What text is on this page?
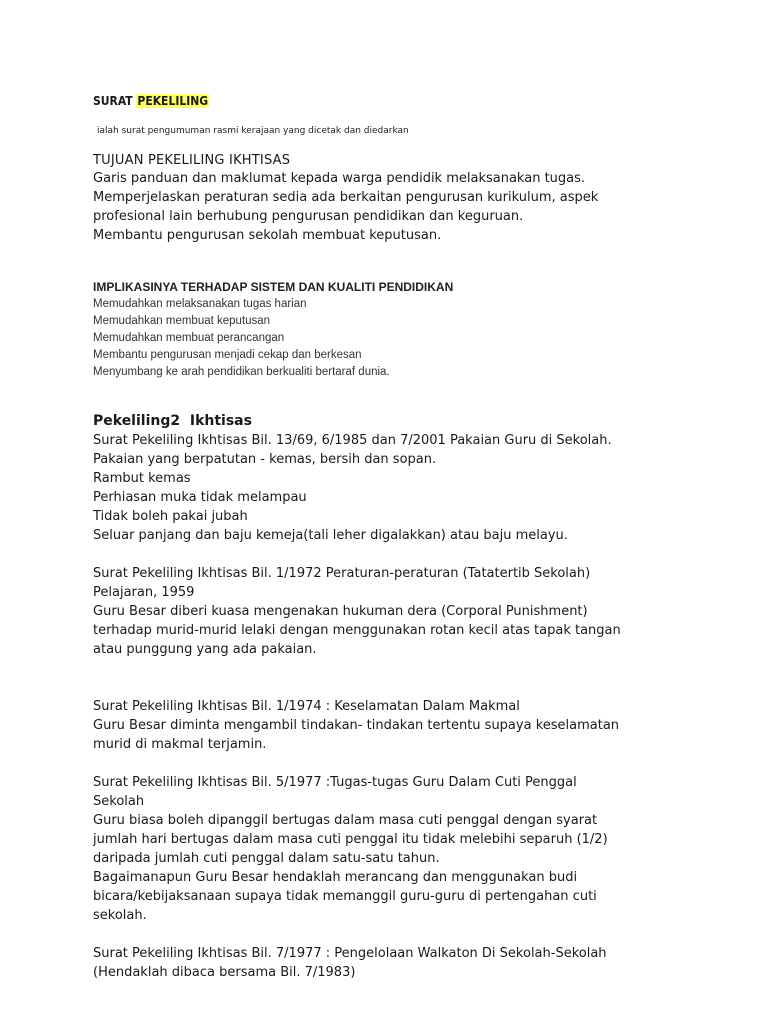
SURAT PEKELILING
ialah surat pengumuman rasmi kerajaan yang dicetak dan diedarkan

TUJUAN PEKELILING IKHTISAS

Garis panduan dan maklumat kepada warga pendidik melaksanakan tugas.

Memperjelaskan peraturan sedia ada berkaitan pengurusan kurikulum, aspek

profesional lain berhubung pengurusan pendidikan dan keguruan.

Membantu pengurusan sekolah membuat keputusan.

IMPLIKASINYA TERHADAP SISTEM DAN KUALITI PENDIDIKAN

Memudahkan melaksanakan tugas harian

Memudahkan membuat keputusan

Memudahkan membuat perancangan

Membantu pengurusan menjadi cekap dan berkesan

Menyumbang ke arah pendidikan berkualiti bertaraf dunia.

Pekeliling2  Ikhtisas

Surat Pekeliling Ikhtisas Bil. 13/69, 6/1985 dan 7/2001 Pakaian Guru di Sekolah.

Pakaian yang berpatutan - kemas, bersih dan sopan.

Rambut kemas

Perhiasan muka tidak melampau

Tidak boleh pakai jubah

Seluar panjang dan baju kemeja(tali leher digalakkan) atau baju melayu.

Surat Pekeliling Ikhtisas Bil. 1/1972 Peraturan-peraturan (Tatatertib Sekolah)

Pelajaran, 1959

Guru Besar diberi kuasa mengenakan hukuman dera (Corporal Punishment)

terhadap murid-murid lelaki dengan menggunakan rotan kecil atas tapak tangan

atau punggung yang ada pakaian.

Surat Pekeliling Ikhtisas Bil. 1/1974 : Keselamatan Dalam Makmal

Guru Besar diminta mengambil tindakan- tindakan tertentu supaya keselamatan

murid di makmal terjamin.

Surat Pekeliling Ikhtisas Bil. 5/1977 :Tugas-tugas Guru Dalam Cuti Penggal

Sekolah

Guru biasa boleh dipanggil bertugas dalam masa cuti penggal dengan syarat

jumlah hari bertugas dalam masa cuti penggal itu tidak melebihi separuh (1/2)

daripada jumlah cuti penggal dalam satu-satu tahun.

Bagaimanapun Guru Besar hendaklah merancang dan menggunakan budi

bicara/kebijaksanaan supaya tidak memanggil guru-guru di pertengahan cuti

sekolah.

Surat Pekeliling Ikhtisas Bil. 7/1977 : Pengelolaan Walkaton Di Sekolah-Sekolah

(Hendaklah dibaca bersama Bil. 7/1983)
